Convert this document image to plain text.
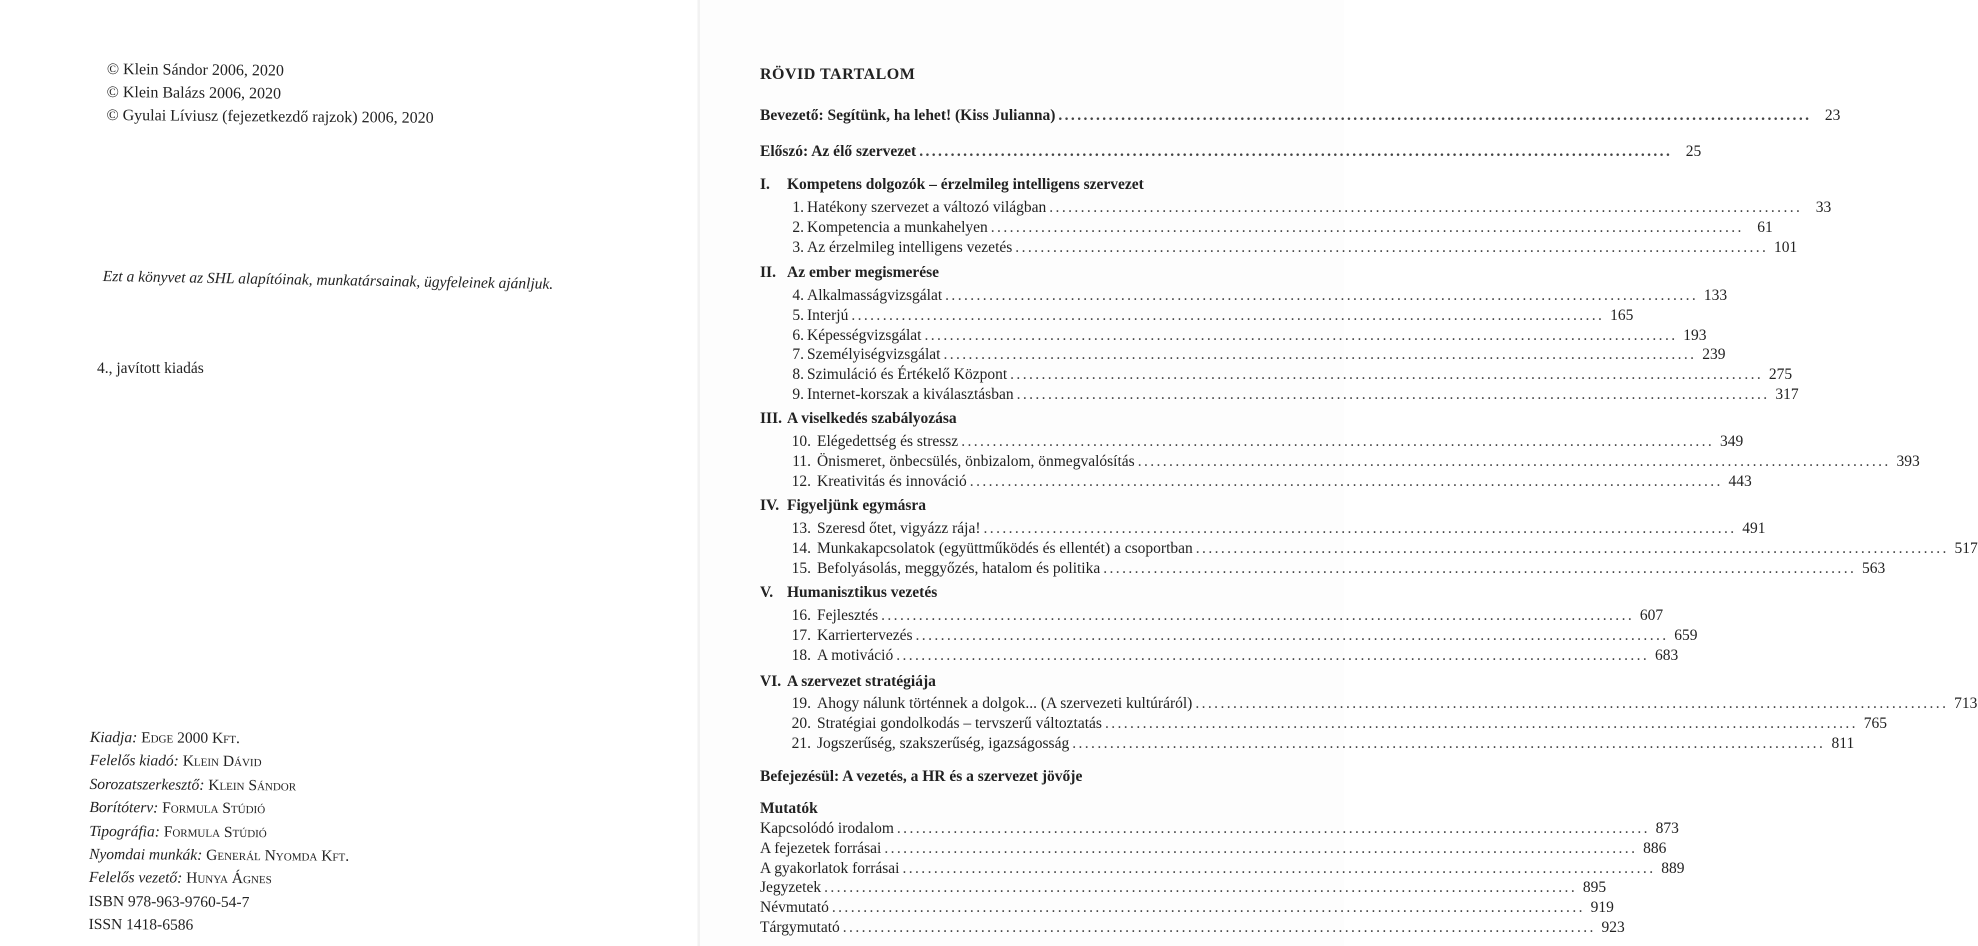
© Klein Sándor 2006, 2020
© Klein Balázs 2006, 2020
© Gyulai Líviusz (fejezetkezdő rajzok) 2006, 2020
Ezt a könyvet az SHL alapítóinak, munkatársainak, ügyfeleinek ajánljuk.
4., javított kiadás
Kiadja: Edge 2000 Kft.
Felelős kiadó: Klein Dávid
Sorozatszerkesztő: Klein Sándor
Borítóterv: Formula Stúdió
Tipográfia: Formula Stúdió
Nyomdai munkák: Generál Nyomda Kft.
Felelős vezető: Hunya Ágnes
ISBN 978-963-9760-54-7
ISSN 1418-6586
RÖVID TARTALOM
Bevezető: Segítünk, ha lehet! (Kiss Julianna) ........................................................................................................................ 23
Előszó: Az élő szervezet ........................................................................................................................ 25
I. Kompetens dolgozók – érzelmileg intelligens szervezet
1. Hatékony szervezet a változó világban ........................................................................................................................ 33
2. Kompetencia a munkahelyen ........................................................................................................................ 61
3. Az érzelmileg intelligens vezetés ........................................................................................................................ 101
II. Az ember megismerése
4. Alkalmasságvizsgálat ........................................................................................................................ 133
5. Interjú ........................................................................................................................ 165
6. Képességvizsgálat ........................................................................................................................ 193
7. Személyiségvizsgálat ........................................................................................................................ 239
8. Szimuláció és Értékelő Központ ........................................................................................................................ 275
9. Internet-korszak a kiválasztásban ........................................................................................................................ 317
III. A viselkedés szabályozása
10. Elégedettség és stressz ........................................................................................................................ 349
11. Önismeret, önbecsülés, önbizalom, önmegvalósítás ........................................................................................................................ 393
12. Kreativitás és innováció ........................................................................................................................ 443
IV. Figyeljünk egymásra
13. Szeresd őtet, vigyázz rája! ........................................................................................................................ 491
14. Munkakapcsolatok (együttműködés és ellentét) a csoportban ........................................................................................................................ 517
15. Befolyásolás, meggyőzés, hatalom és politika ........................................................................................................................ 563
V. Humanisztikus vezetés
16. Fejlesztés ........................................................................................................................ 607
17. Karriertervezés ........................................................................................................................ 659
18. A motiváció ........................................................................................................................ 683
VI. A szervezet stratégiája
19. Ahogy nálunk történnek a dolgok... (A szervezeti kultúráról) ........................................................................................................................ 713
20. Stratégiai gondolkodás – tervszerű változtatás ........................................................................................................................ 765
21. Jogszerűség, szakszerűség, igazságosság ........................................................................................................................ 811
Befejezésül: A vezetés, a HR és a szervezet jövője
Mutatók
Kapcsolódó irodalom ........................................................................................................................ 873
A fejezetek forrásai ........................................................................................................................ 886
A gyakorlatok forrásai ........................................................................................................................ 889
Jegyzetek ........................................................................................................................ 895
Névmutató ........................................................................................................................ 919
Tárgymutató ........................................................................................................................ 923
